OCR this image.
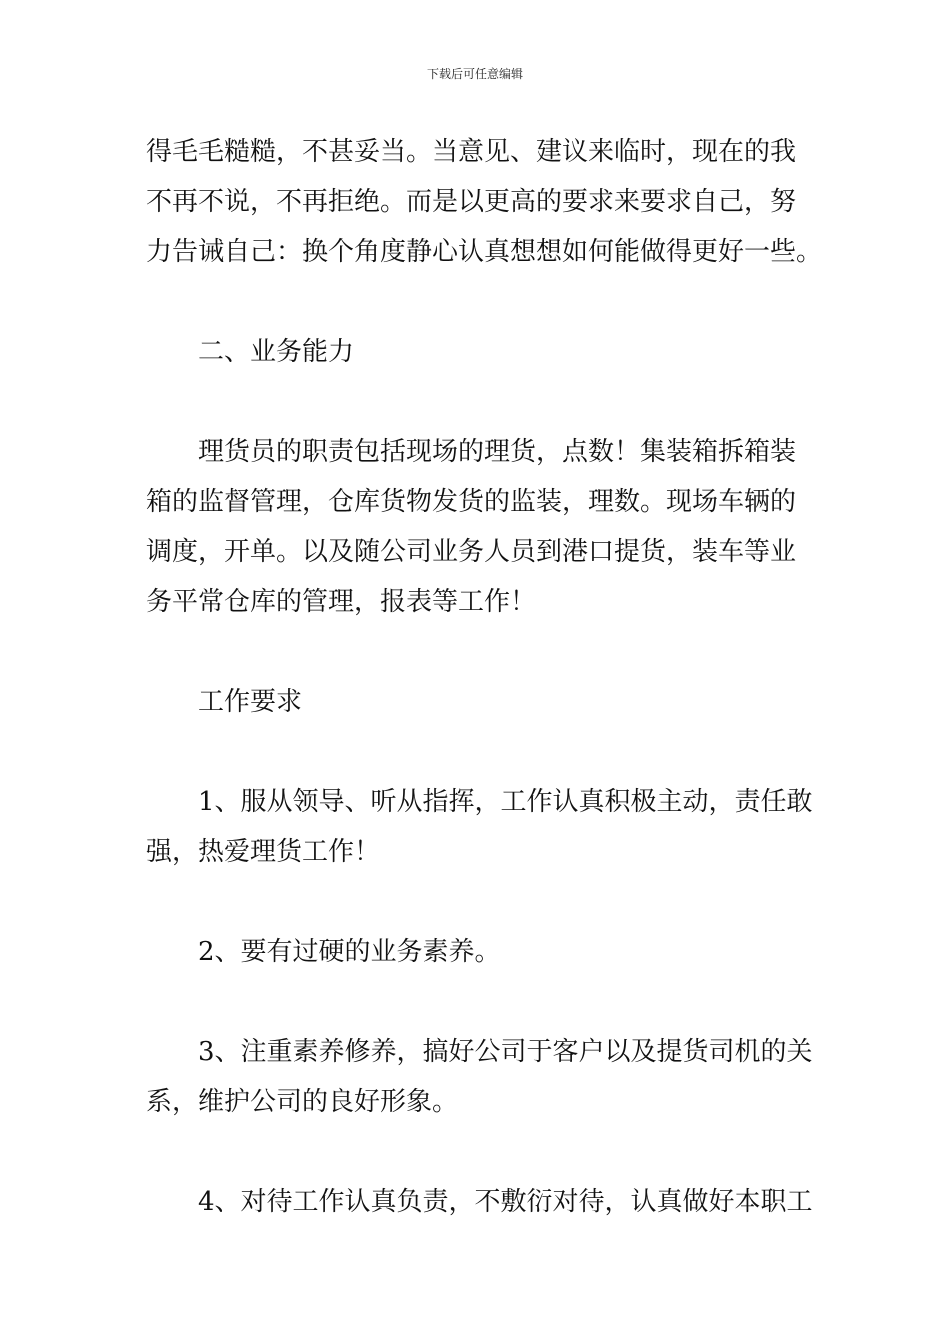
下载后可任意编辑

得毛毛糙糙，不甚妥当。当意见、建议来临时，现在的我

不再不说，不再拒绝。而是以更高的要求来要求自己，努

力告诫自己：换个角度静心认真想想如何能做得更好一些。

二、业务能力

理货员的职责包括现场的理货，点数！集装箱拆箱装

箱的监督管理，仓库货物发货的监装，理数。现场车辆的

调度，开单。以及随公司业务人员到港口提货，装车等业

务平常仓库的管理，报表等工作！

工作要求

1、服从领导、听从指挥，工作认真积极主动，责任敢

强，热爱理货工作！

2、要有过硬的业务素养。

3、注重素养修养，搞好公司于客户以及提货司机的关

系，维护公司的良好形象。

4、对待工作认真负责，不敷衍对待，认真做好本职工
